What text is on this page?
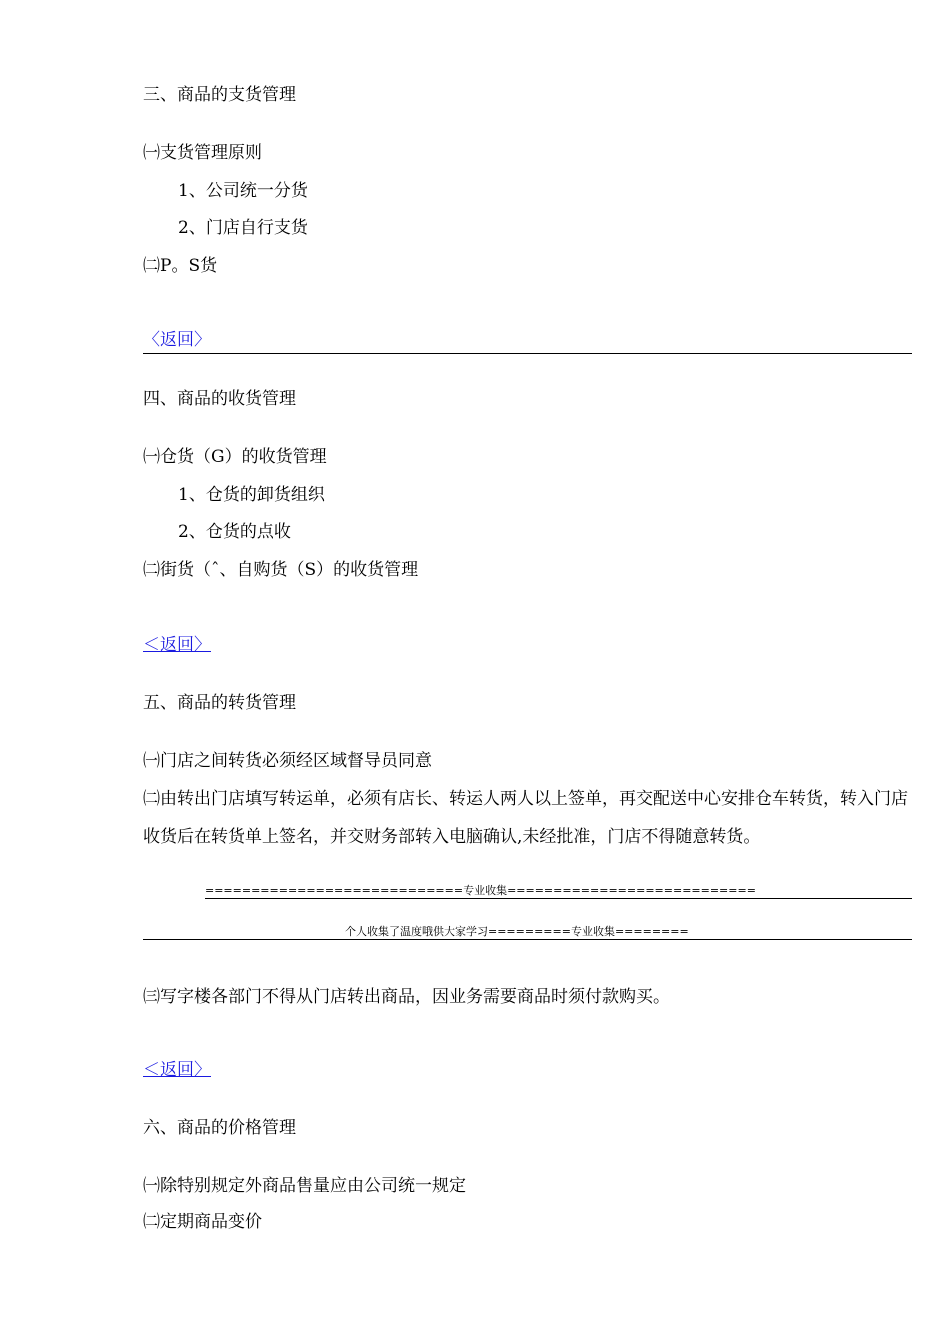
三、商品的支货管理
㈠支货管理原则
1、公司统一分货
2、门店自行支货
㈡P。S货
〈返回〉
四、商品的收货管理
㈠仓货（G）的收货管理
1、仓货的卸货组织
2、仓货的点收
㈡街货（ˆ、自购货（S）的收货管理
＜返回〉
五、商品的转货管理
㈠门店之间转货必须经区域督导员同意
㈡由转出门店填写转运单，必须有店长、转运人两人以上签单，再交配送中心安排仓车转货，转入门店收货后在转货单上签名，并交财务部转入电脑确认,未经批准，门店不得随意转货。
============================专业收集===========================
个人收集了温度哦供大家学习=========专业收集========
㈢写字楼各部门不得从门店转出商品，因业务需要商品时须付款购买。
＜返回〉
六、商品的价格管理
㈠除特别规定外商品售量应由公司统一规定
㈡定期商品变价
